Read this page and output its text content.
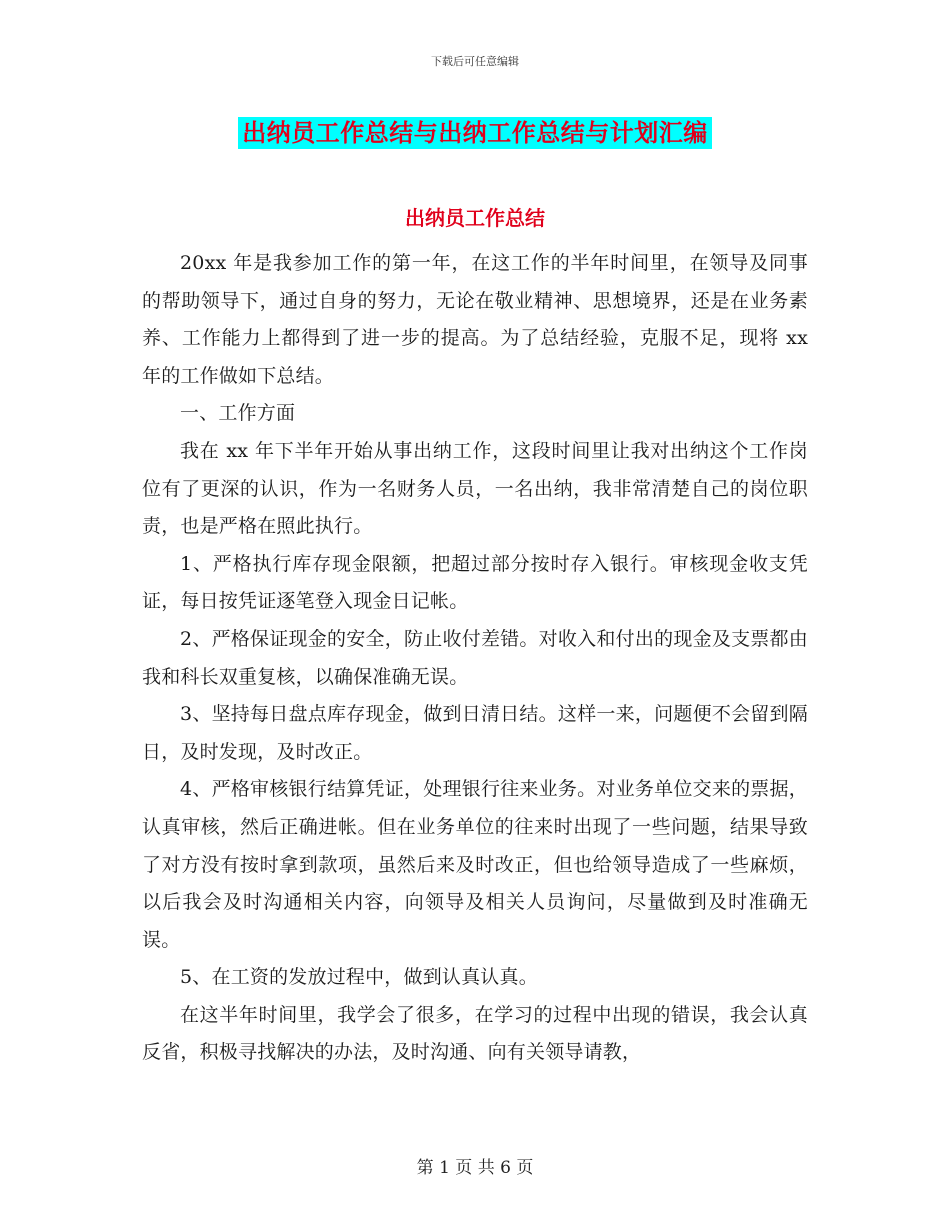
下载后可任意编辑
出纳员工作总结与出纳工作总结与计划汇编
出纳员工作总结

20xx 年是我参加工作的第一年，在这工作的半年时间里，在领导及同事的帮助领导下，通过自身的努力，无论在敬业精神、思想境界，还是在业务素养、工作能力上都得到了进一步的提高。为了总结经验，克服不足，现将 xx 年的工作做如下总结。

一、工作方面

我在 xx 年下半年开始从事出纳工作，这段时间里让我对出纳这个工作岗位有了更深的认识，作为一名财务人员，一名出纳，我非常清楚自己的岗位职责，也是严格在照此执行。

1、严格执行库存现金限额，把超过部分按时存入银行。审核现金收支凭证，每日按凭证逐笔登入现金日记帐。

2、严格保证现金的安全，防止收付差错。对收入和付出的现金及支票都由我和科长双重复核，以确保准确无误。

3、坚持每日盘点库存现金，做到日清日结。这样一来，问题便不会留到隔日，及时发现，及时改正。

4、严格审核银行结算凭证，处理银行往来业务。对业务单位交来的票据，认真审核，然后正确进帐。但在业务单位的往来时出现了一些问题，结果导致了对方没有按时拿到款项，虽然后来及时改正，但也给领导造成了一些麻烦，以后我会及时沟通相关内容，向领导及相关人员询问，尽量做到及时准确无误。

5、在工资的发放过程中，做到认真认真。

在这半年时间里，我学会了很多，在学习的过程中出现的错误，我会认真反省，积极寻找解决的办法，及时沟通、向有关领导请教，

第 1 页 共 6 页
